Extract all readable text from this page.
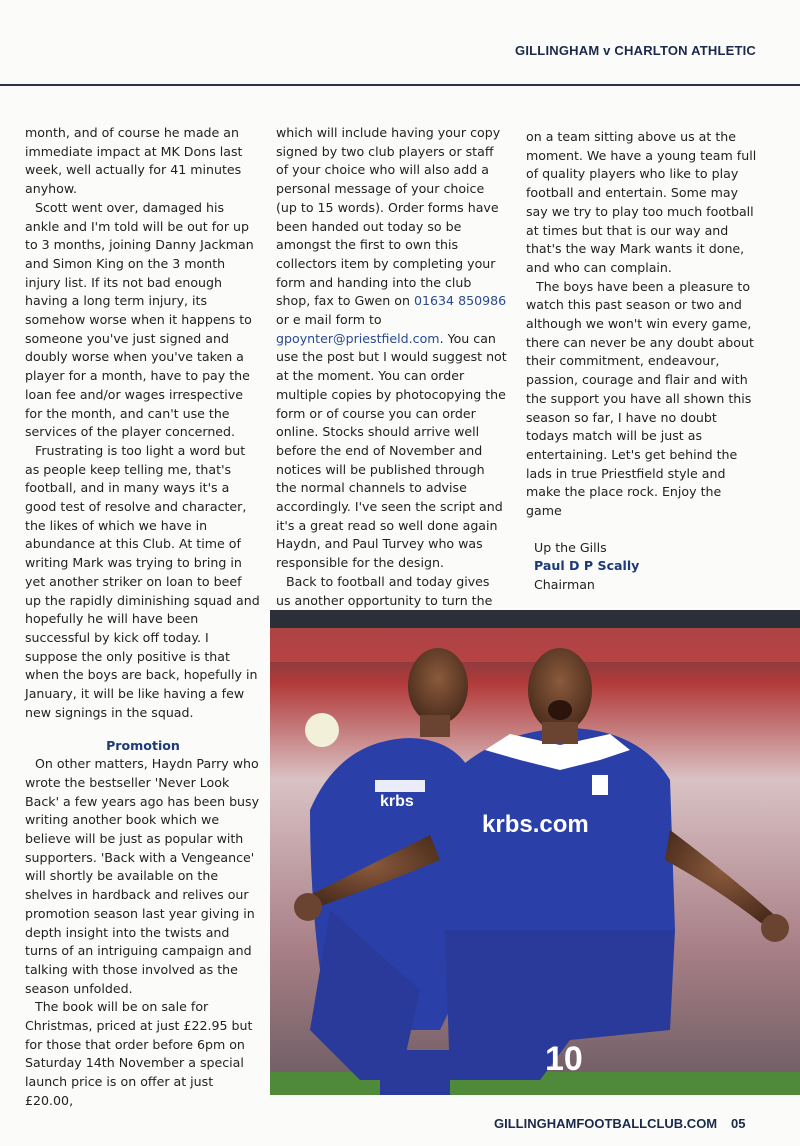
GILLINGHAM v CHARLTON ATHLETIC

month, and of course he made an immediate impact at MK Dons last week, well actually for 41 minutes anyhow.

Scott went over, damaged his ankle and I'm told will be out for up to 3 months, joining Danny Jackman and Simon King on the 3 month injury list. If its not bad enough having a long term injury, its somehow worse when it happens to someone you've just signed and doubly worse when you've taken a player for a month, have to pay the loan fee and/or wages irrespective for the month, and can't use the services of the player concerned.

Frustrating is too light a word but as people keep telling me, that's football, and in many ways it's a good test of resolve and character, the likes of which we have in abundance at this Club. At time of writing Mark was trying to bring in yet another striker on loan to beef up the rapidly diminishing squad and hopefully he will have been successful by kick off today. I suppose the only positive is that when the boys are back, hopefully in January, it will be like having a few new signings in the squad.

Promotion

On other matters, Haydn Parry who wrote the bestseller 'Never Look Back' a few years ago has been busy writing another book which we believe will be just as popular with supporters. 'Back with a Vengeance' will shortly be available on the shelves in hardback and relives our promotion season last year giving in depth insight into the twists and turns of an intriguing campaign and talking with those involved as the season unfolded.

The book will be on sale for Christmas, priced at just £22.95 but for those that order before 6pm on Saturday 14th November a special launch price is on offer at just £20.00,

which will include having your copy signed by two club players or staff of your choice who will also add a personal message of your choice (up to 15 words). Order forms have been handed out today so be amongst the first to own this collectors item by completing your form and handing into the club shop, fax to Gwen on 01634 850986 or e mail form to gpoynter@priestfield.com. You can use the post but I would suggest not at the moment. You can order multiple copies by photocopying the form or of course you can order online. Stocks should arrive well before the end of November and notices will be published through the normal channels to advise accordingly. I've seen the script and it's a great read so well done again Haydn, and Paul Turvey who was responsible for the design.

Back to football and today gives us another opportunity to turn the

on a team sitting above us at the moment. We have a young team full of quality players who like to play football and entertain. Some may say we try to play too much football at times but that is our way and that's the way Mark wants it done, and who can complain.

The boys have been a pleasure to watch this past season or two and although we won't win every game, there can never be any doubt about their commitment, endeavour, passion, courage and flair and with the support you have all shown this season so far, I have no doubt todays match will be just as entertaining. Let's get behind the lads in true Priestfield style and make the place rock. Enjoy the game

Up the Gills
Paul D P Scally
Chairman
krbs
krbs.com
10
GILLINGHAMFOOTBALLCLUB.COM 05
